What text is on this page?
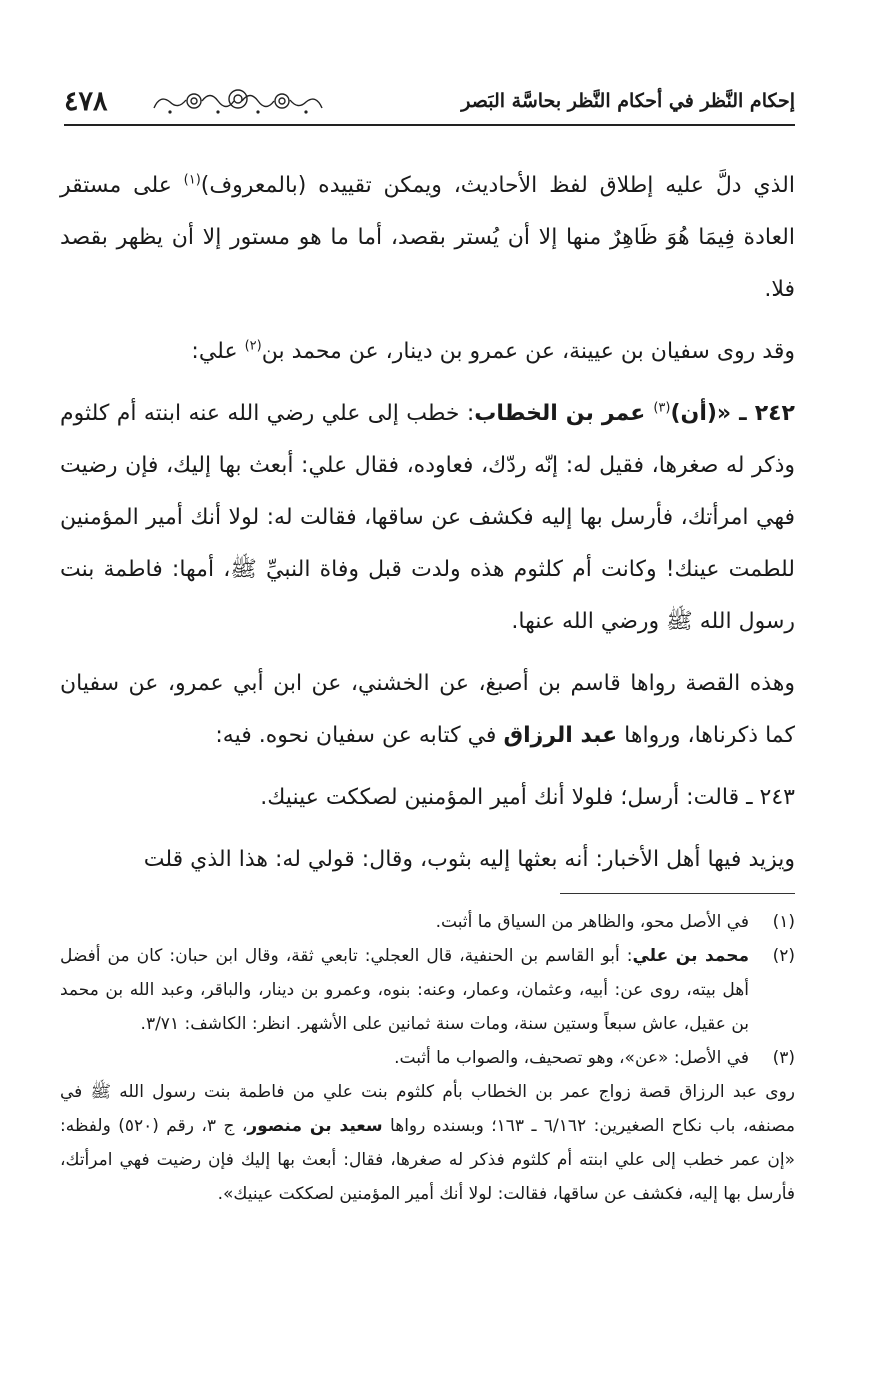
إحكام النَّظر في أحكام النَّظر بحاسَّة البَصر
٤٧٨

الذي دلَّ عليه إطلاق لفظ الأحاديث، ويمكن تقييده (بالمعروف)$^{(١)}$ على مستقر العادة فِيمَا هُوَ ظَاهِرٌ منها إلا أن يُستر بقصد، أما ما هو مستور إلا أن يظهر بقصد فلا.

وقد روى سفيان بن عيينة، عن عمرو بن دينار، عن محمد بن$^{(٢)}$ علي:

٢٤٢ ـ «(أن)$^{(٣)}$ عمر بن الخطاب: خطب إلى علي رضي الله عنه ابنته أم كلثوم وذكر له صغرها، فقيل له: إنّه ردّك، فعاوده، فقال علي: أبعث بها إليك، فإن رضيت فهي امرأتك، فأرسل بها إليه فكشف عن ساقها، فقالت له: لولا أنك أمير المؤمنين للطمت عينك! وكانت أم كلثوم هذه ولدت قبل وفاة النبيِّ ﷺ، أمها: فاطمة بنت رسول الله ﷺ ورضي الله عنها.

وهذه القصة رواها قاسم بن أصبغ، عن الخشني، عن ابن أبي عمرو، عن سفيان كما ذكرناها، ورواها عبد الرزاق في كتابه عن سفيان نحوه. فيه:

٢٤٣ ـ قالت: أرسل؛ فلولا أنك أمير المؤمنين لصككت عينيك.

ويزيد فيها أهل الأخبار: أنه بعثها إليه بثوب، وقال: قولي له: هذا الذي قلت

(١)
في الأصل محو، والظاهر من السياق ما أثبت.
(٢)
محمد بن علي: أبو القاسم بن الحنفية، قال العجلي: تابعي ثقة، وقال ابن حبان: كان من أفضل أهل بيته، روى عن: أبيه، وعثمان، وعمار، وعنه: بنوه، وعمرو بن دينار، والباقر، وعبد الله بن محمد بن عقيل، عاش سبعاً وستين سنة، ومات سنة ثمانين على الأشهر. انظر: الكاشف: ٣/٧١.
(٣)
في الأصل: «عن»، وهو تصحيف، والصواب ما أثبت.

روى عبد الرزاق قصة زواج عمر بن الخطاب بأم كلثوم بنت علي من فاطمة بنت رسول الله ﷺ في مصنفه، باب نكاح الصغيرين: ٦/١٦٢ ـ ١٦٣؛ وبسنده رواها سعيد بن منصور، ج ٣، رقم (٥٢٠) ولفظه: «إن عمر خطب إلى علي ابنته أم كلثوم فذكر له صغرها، فقال: أبعث بها إليك فإن رضيت فهي امرأتك، فأرسل بها إليه، فكشف عن ساقها، فقالت: لولا أنك أمير المؤمنين لصككت عينيك».
